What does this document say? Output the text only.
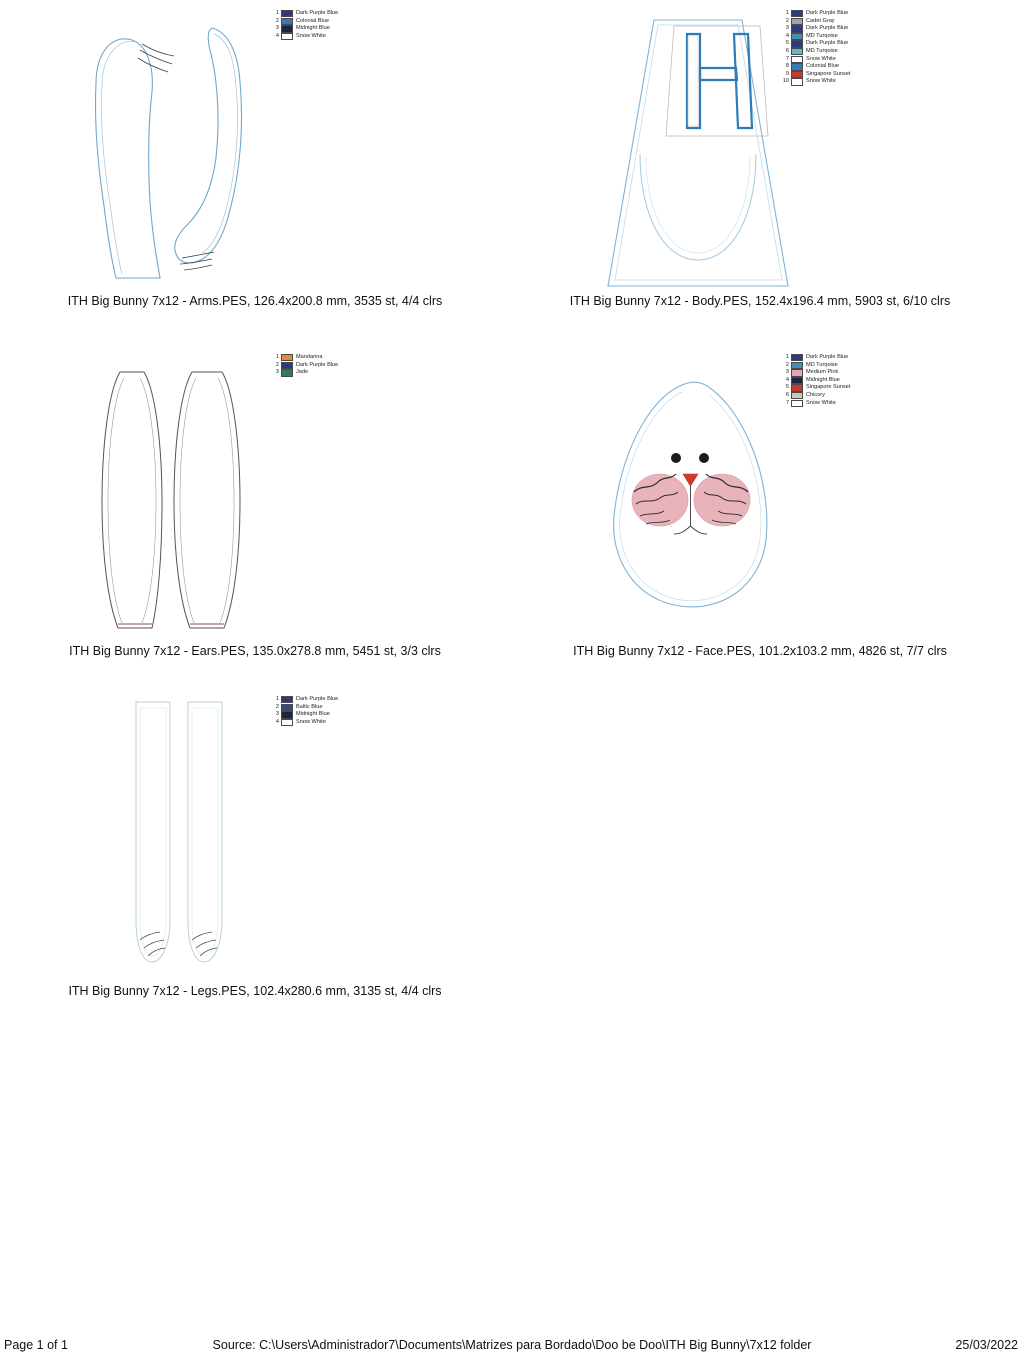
ITH Big Bunny 7x12 - Arms.PES, 126.4x200.8 mm, 3535 st, 4/4 clrs
1	Dark Purple Blue
2	Colonial Blue
3	Midnight Blue
4	Snow White
ITH Big Bunny 7x12 - Body.PES, 152.4x196.4 mm, 5903 st, 6/10 clrs
1	Dark Purple Blue
2	Cadet Gray
3	Dark Purple Blue
4	MD Turqoise
5	Dark Purple Blue
6	MD Turqoise
7	Snow White
8	Colonial Blue
9	Singapore Sunset
10	Snow White
ITH Big Bunny 7x12 - Ears.PES, 135.0x278.8 mm, 5451 st, 3/3 clrs
1	Mandarina
2	Dark Purple Blue
3	Jade
ITH Big Bunny 7x12 - Face.PES, 101.2x103.2 mm, 4826 st, 7/7 clrs
1	Dark Purple Blue
2	MD Turqoise
3	Medium Pink
4	Midnight Blue
5	Singapore Sunset
6	Chicory
7	Snow White
ITH Big Bunny 7x12 - Legs.PES, 102.4x280.6 mm, 3135 st, 4/4 clrs
1	Dark Purple Blue
2	Baltic Blue
3	Midnight Blue
4	Snow White
Page 1 of 1	Source: C:\Users\Administrador7\Documents\Matrizes para Bordado\Doo be Doo\ITH Big Bunny\7x12 folder	25/03/2022
